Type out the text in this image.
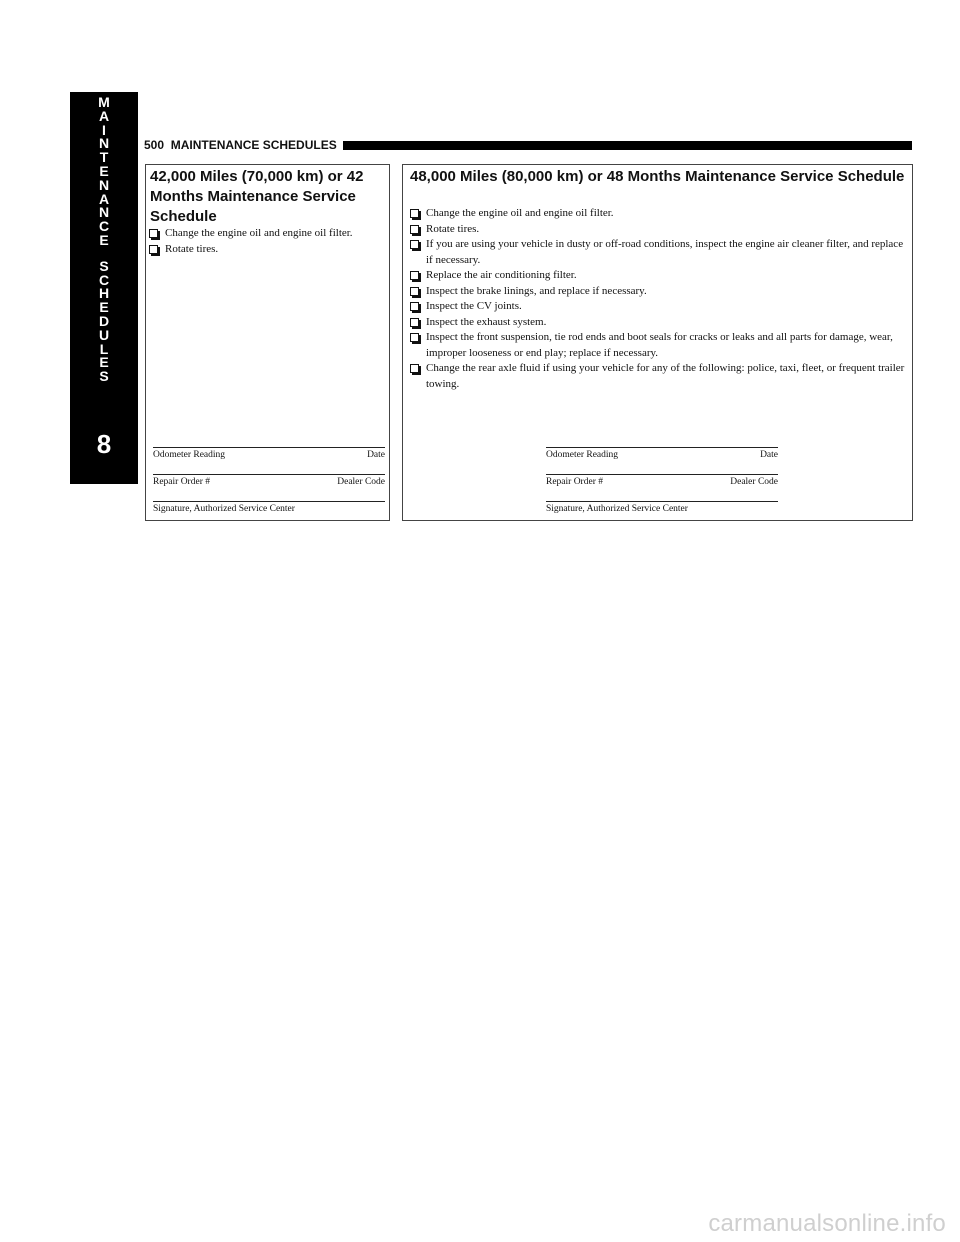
M
A
I
N
T
E
N
A
N
C
E
S
C
H
E
D
U
L
E
S
8
500 MAINTENANCE SCHEDULES
42,000 Miles (70,000 km) or 42 Months Maintenance Service Schedule
Change the engine oil and engine oil filter.
Rotate tires.
Odometer Reading	Date
Repair Order #	Dealer Code
Signature, Authorized Service Center
48,000 Miles (80,000 km) or 48 Months Maintenance Service Schedule
Change the engine oil and engine oil filter.
Rotate tires.
If you are using your vehicle in dusty or off-road conditions, inspect the engine air cleaner filter, and replace if necessary.
Replace the air conditioning filter.
Inspect the brake linings, and replace if necessary.
Inspect the CV joints.
Inspect the exhaust system.
Inspect the front suspension, tie rod ends and boot seals for cracks or leaks and all parts for damage, wear, improper looseness or end play; replace if necessary.
Change the rear axle fluid if using your vehicle for any of the following: police, taxi, fleet, or frequent trailer towing.
Odometer Reading	Date
Repair Order #	Dealer Code
Signature, Authorized Service Center
carmanualsonline.info
